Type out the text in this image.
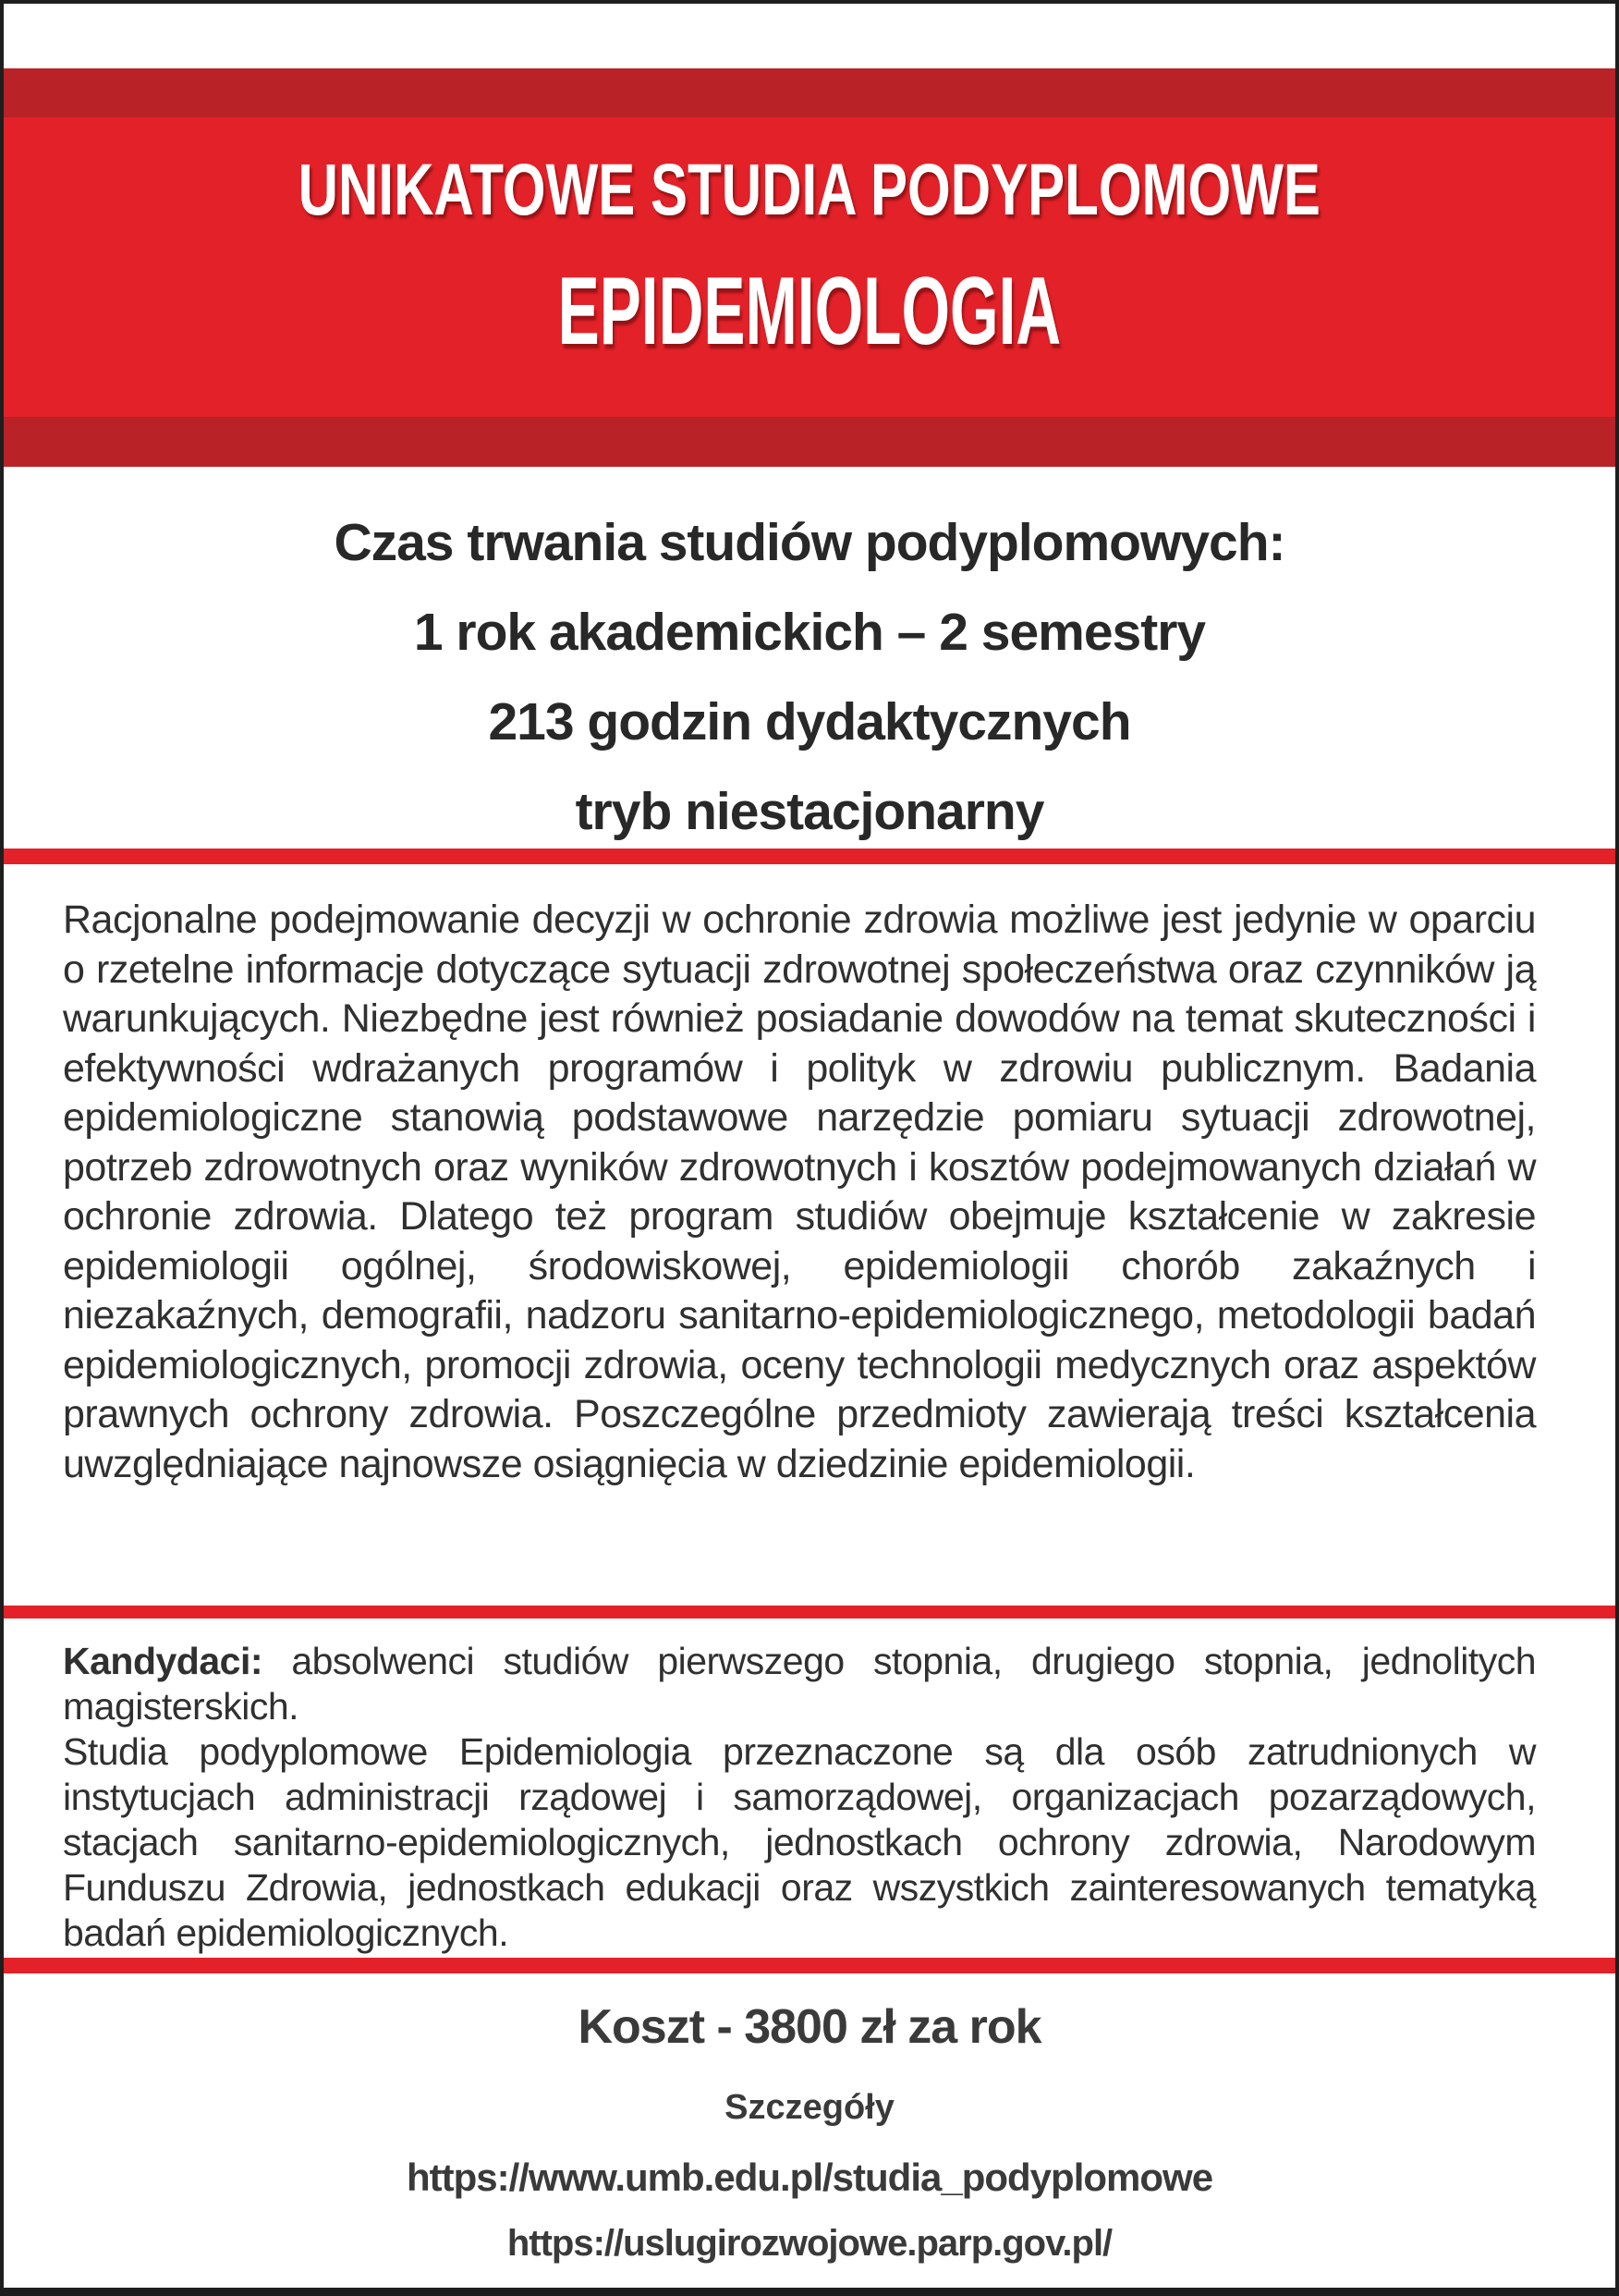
UNIKATOWE STUDIA PODYPLOMOWE
EPIDEMIOLOGIA
Czas trwania studiów podyplomowych:
1 rok akademickich – 2 semestry
213 godzin dydaktycznych
tryb niestacjonarny
Racjonalne podejmowanie decyzji w ochronie zdrowia możliwe jest jedynie w oparciu o rzetelne informacje dotyczące sytuacji zdrowotnej społeczeństwa oraz czynników ją warunkujących. Niezbędne jest również posiadanie dowodów na temat skuteczności i efektywności wdrażanych programów i polityk w zdrowiu publicznym. Badania epidemiologiczne stanowią podstawowe narzędzie pomiaru sytuacji zdrowotnej, potrzeb zdrowotnych oraz wyników zdrowotnych i kosztów podejmowanych działań w ochronie zdrowia. Dlatego też program studiów obejmuje kształcenie w zakresie epidemiologii ogólnej, środowiskowej, epidemiologii chorób zakaźnych i niezakaźnych, demografii, nadzoru sanitarno-epidemiologicznego, metodologii badań epidemiologicznych, promocji zdrowia, oceny technologii medycznych oraz aspektów prawnych ochrony zdrowia. Poszczególne przedmioty zawierają treści kształcenia uwzględniające najnowsze osiągnięcia w dziedzinie epidemiologii.

Kandydaci: absolwenci studiów pierwszego stopnia, drugiego stopnia, jednolitych magisterskich.

Studia podyplomowe Epidemiologia przeznaczone są dla osób zatrudnionych w instytucjach administracji rządowej i samorządowej, organizacjach pozarządowych, stacjach sanitarno-epidemiologicznych, jednostkach ochrony zdrowia, Narodowym Funduszu Zdrowia, jednostkach edukacji oraz wszystkich zainteresowanych tematyką badań epidemiologicznych.

Koszt - 3800 zł za rok
Szczegóły
https://www.umb.edu.pl/studia_podyplomowe
https://uslugirozwojowe.parp.gov.pl/
